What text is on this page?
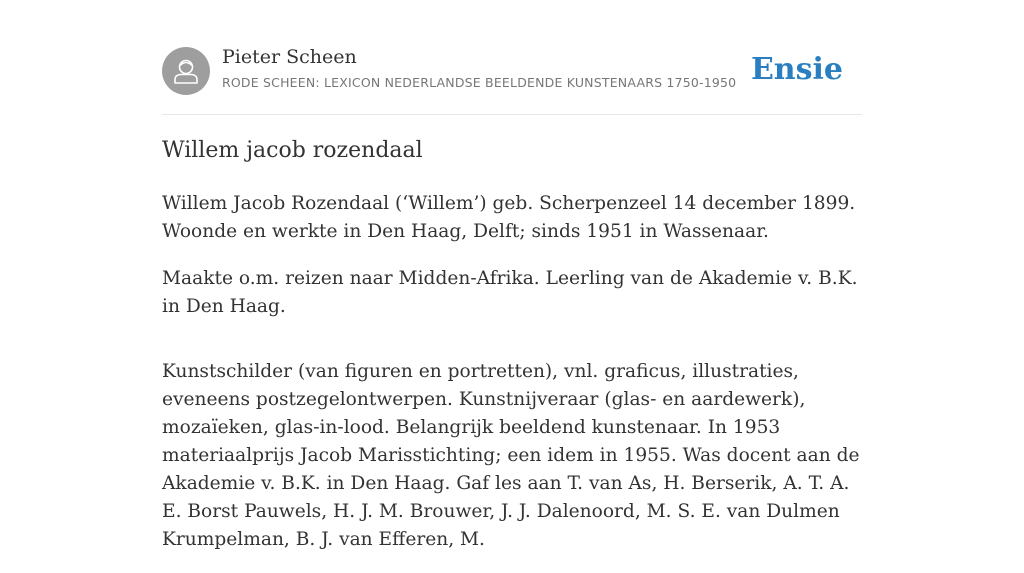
Pieter Scheen
RODE SCHEEN: LEXICON NEDERLANDSE BEELDENDE KUNSTENAARS 1750-1950 Ensie
Willem jacob rozendaal

Willem Jacob Rozendaal (‘Willem’) geb. Scherpenzeel 14 december 1899. Woonde en werkte in Den Haag, Delft; sinds 1951 in Wassenaar.

Maakte o.m. reizen naar Midden-Afrika. Leerling van de Akademie v. B.K. in Den Haag.

Kunstschilder (van figuren en portretten), vnl. graficus, illustraties, eveneens postzegelontwerpen. Kunstnijveraar (glas- en aardewerk), mozaïeken, glas-in-lood. Belangrijk beeldend kunstenaar. In 1953 materiaalprijs Jacob Marisstichting; een idem in 1955. Was docent aan de Akademie v. B.K. in Den Haag. Gaf les aan T. van As, H. Berserik, A. T. A. E. Borst Pauwels, H. J. M. Brouwer, J. J. Dalenoord, M. S. E. van Dulmen Krumpelman, B. J. van Efferen, M.
